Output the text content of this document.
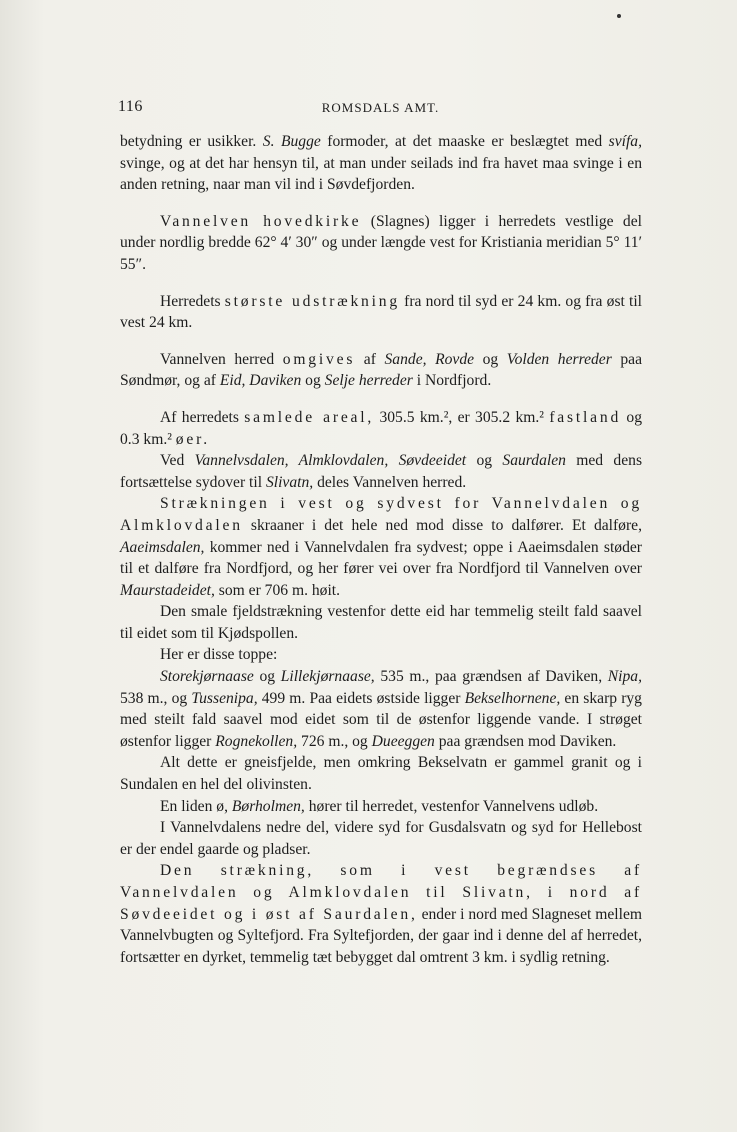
116	ROMSDALS AMT.

betydning er usikker. S. Bugge formoder, at det maaske er beslægtet med svífa, svinge, og at det har hensyn til, at man under seilads ind fra havet maa svinge i en anden retning, naar man vil ind i Søvdefjorden.

Vannelven hovedkirke (Slagnes) ligger i herredets vestlige del under nordlig bredde 62° 4′ 30″ og under længde vest for Kristiania meridian 5° 11′ 55″.

Herredets største udstrækning fra nord til syd er 24 km. og fra øst til vest 24 km.

Vannelven herred omgives af Sande, Rovde og Volden herreder paa Søndmør, og af Eid, Daviken og Selje herreder i Nordfjord.

Af herredets samlede areal, 305.5 km.², er 305.2 km.² fastland og 0.3 km.² øer.

Ved Vannelvsdalen, Almklovdalen, Søvdeeidet og Saurdalen med dens fortsættelse sydover til Slivatn, deles Vannelven herred.

Strækningen i vest og sydvest for Vannelvdalen og Almklovdalen skraaner i det hele ned mod disse to dalfører. Et dalføre, Aaeimsdalen, kommer ned i Vannelvdalen fra sydvest; oppe i Aaeimsdalen støder til et dalføre fra Nordfjord, og her fører vei over fra Nordfjord til Vannelven over Maurstadeidet, som er 706 m. høit.

Den smale fjeldstrækning vestenfor dette eid har temmelig steilt fald saavel til eidet som til Kjødspollen.

Her er disse toppe:

Storekjørnaase og Lillekjørnaase, 535 m., paa grændsen af Daviken, Nipa, 538 m., og Tussenipa, 499 m. Paa eidets østside ligger Bekselhornene, en skarp ryg med steilt fald saavel mod eidet som til de østenfor liggende vande. I strøget østenfor ligger Rognekollen, 726 m., og Dueeggen paa grændsen mod Daviken.

Alt dette er gneisfjelde, men omkring Bekselvatn er gammel granit og i Sundalen en hel del olivinsten.

En liden ø, Børholmen, hører til herredet, vestenfor Vannelvens udløb.

I Vannelvdalens nedre del, videre syd for Gusdalsvatn og syd for Hellebost er der endel gaarde og pladser.

Den strækning, som i vest begrændses af Vannelvdalen og Almklovdalen til Slivatn, i nord af Søvdeeidet og i øst af Saurdalen, ender i nord med Slagneset mellem Vannelvbugten og Syltefjord. Fra Syltefjorden, der gaar ind i denne del af herredet, fortsætter en dyrket, temmelig tæt bebygget dal omtrent 3 km. i sydlig retning.
